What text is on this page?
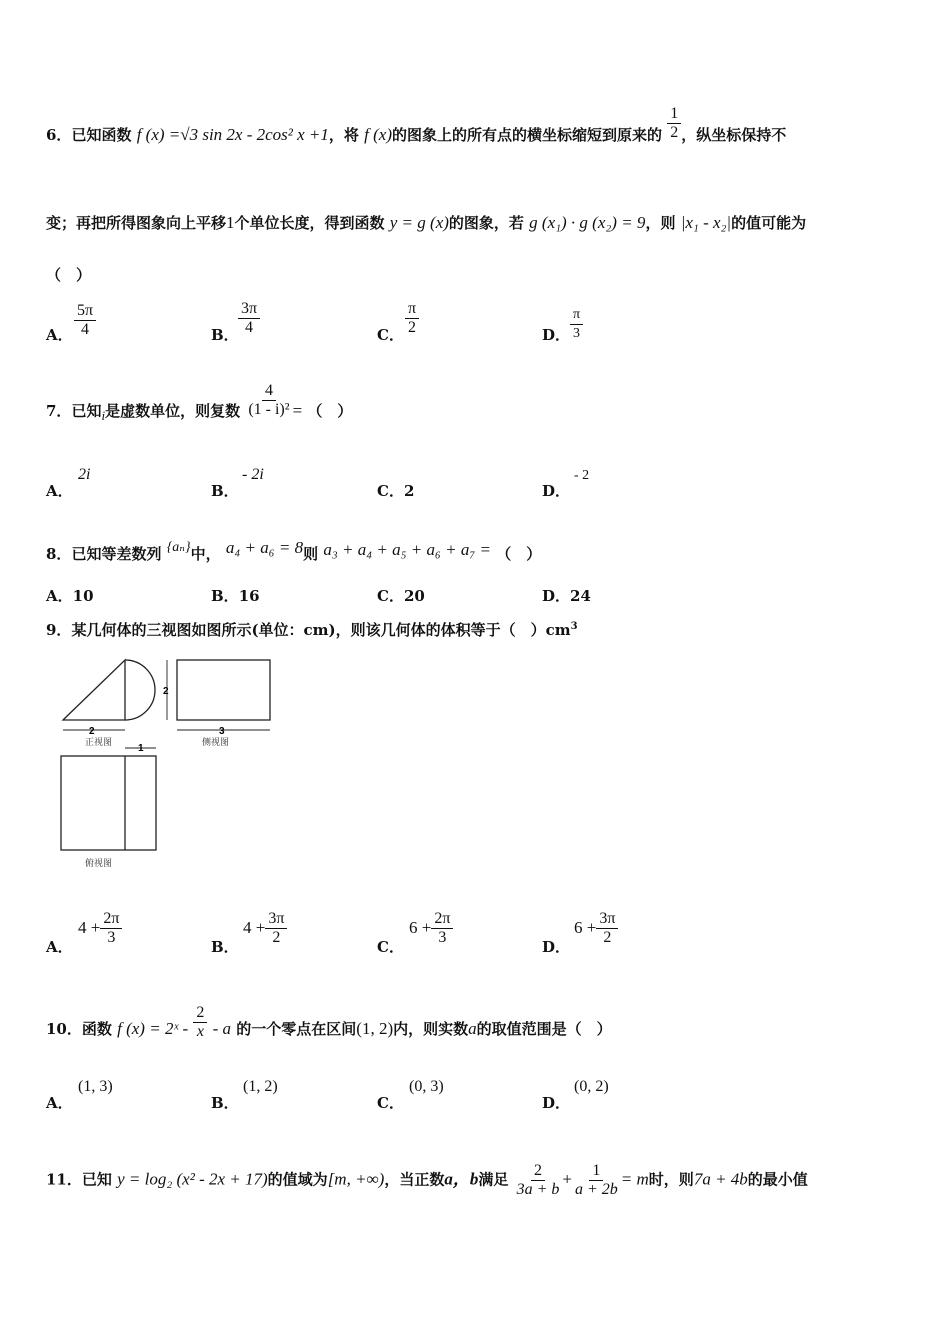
6．已知函数 f (x) =√3 sin 2x - 2cos² x +1，将 f (x)的图象上的所有点的横坐标缩短到原来的 $\frac{1}{2}$ ，纵坐标保持不
变；再把所得图象向上平移1个单位长度，得到函数 y = g (x)的图象，若 g (x₁) · g (x₂) = 9，则 |x₁ - x₂|的值可能为
（　）
A． $\frac{5\pi}{4}$	B． $\frac{3\pi}{4}$	C． $\frac{\pi}{2}$	D． $\frac{\pi}{3}$
7．已知i是虚数单位，则复数 $\frac{4}{\text{(1 - i)²}}$ = （　）
A．
2i
B．
- 2i
C．2	D．
- 2
8．已知等差数列 {aₙ}中， a₄ + a₆ = 8则 a₃ + a₄ + a₅ + a₆ + a₇ = （　）
A．10	B．16	C．20	D．24
9．某几何体的三视图如图所示(单位：cm)，则该几何体的体积等于（　）$cm^3$
2	3
2
1
正视图	侧视图
俯视图
A．
$4 + \frac{2\pi}{3}$	B．
$4 + \frac{3\pi}{2}$	C．
$6 + \frac{2\pi}{3}$	D．
$6 + \frac{3\pi}{2}$
10．函数 f (x) = 2ˣ - $\frac{2}{x}$ - a 的一个零点在区间(1, 2)内，则实数a的取值范围是（　）
A．
(1, 3)
B．
(1, 2)
C．
(0, 3)
D．
(0, 2)
11．已知 y = log₂ (x² - 2x + 17)的值域为[m, +∞)，当正数a，b满足 $\frac{2}{3a + b} + \frac{1}{a + 2b} = m$时，则7a + 4b的最小值
